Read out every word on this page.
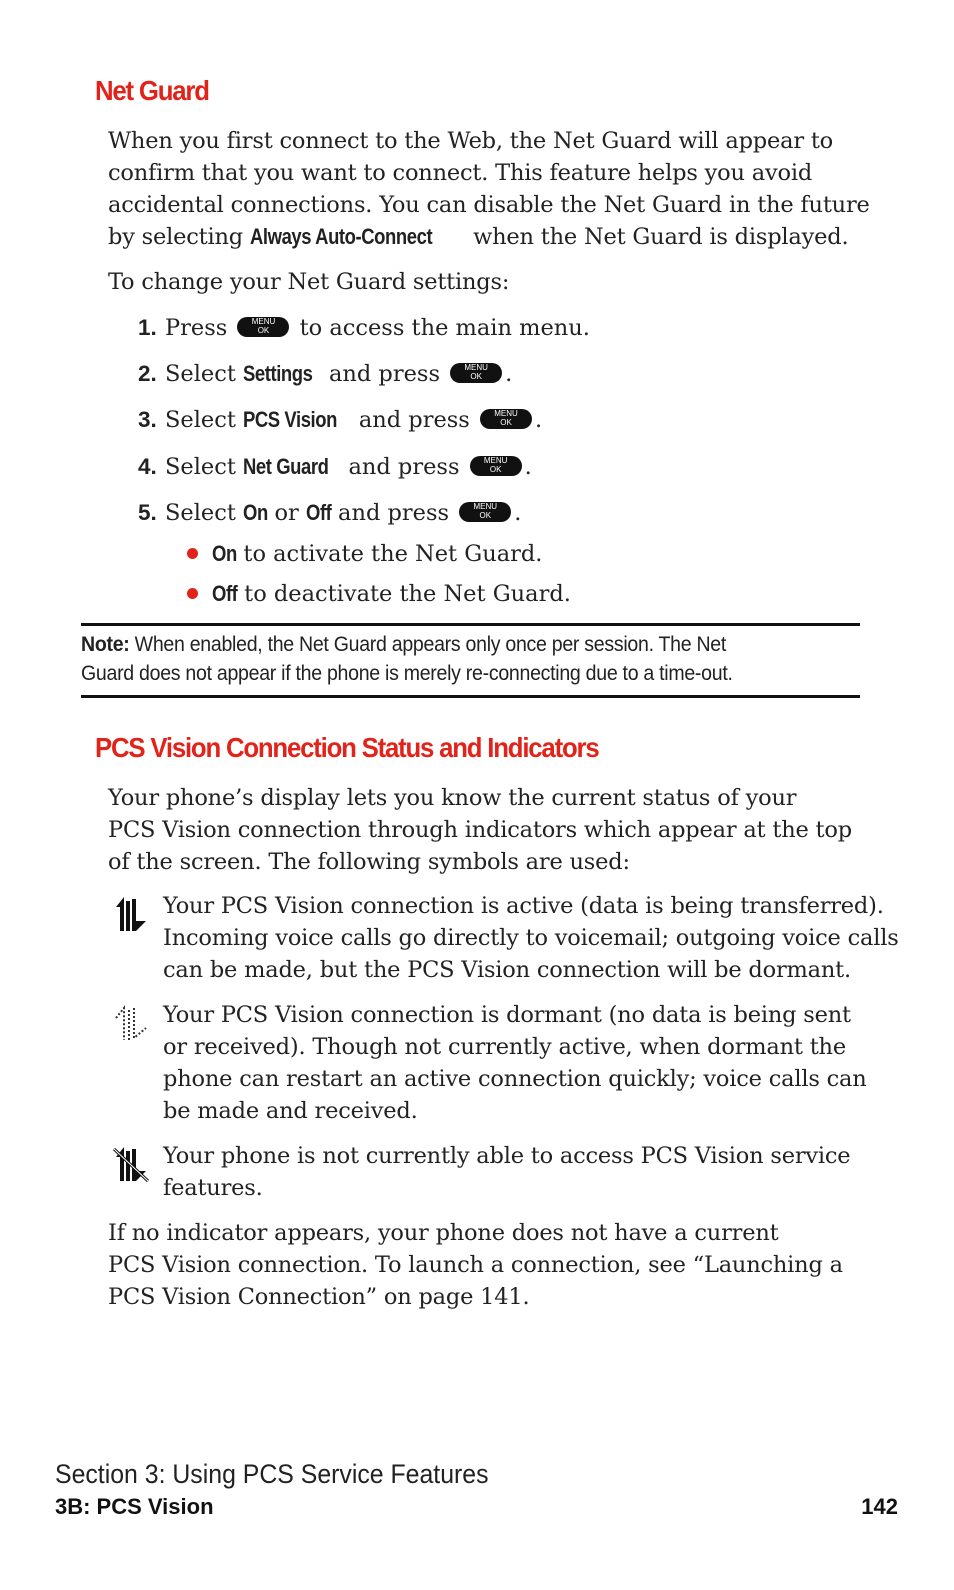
Net Guard
When you first connect to the Web, the Net Guard will appear to
confirm that you want to connect. This feature helps you avoid
accidental connections. You can disable the Net Guard in the future
by selecting Always Auto-Connect when the Net Guard is displayed.
To change your Net Guard settings:
1. Press	MENU
OK	to access the main menu.
2. Select Settings and press	MENU
OK	.
3. Select PCS Vision and press	MENU
OK	.
4. Select Net Guard and press	MENU
OK	.
5. Select On or Off and press	MENU
OK	.
On to activate the Net Guard.
Off to deactivate the Net Guard.
Note: When enabled, the Net Guard appears only once per session. The Net
Guard does not appear if the phone is merely re-connecting due to a time-out.
PCS Vision Connection Status and Indicators
Your phone’s display lets you know the current status of your
PCS Vision connection through indicators which appear at the top
of the screen. The following symbols are used:
Your PCS Vision connection is active (data is being transferred).
Incoming voice calls go directly to voicemail; outgoing voice calls
can be made, but the PCS Vision connection will be dormant.
Your PCS Vision connection is dormant (no data is being sent
or received). Though not currently active, when dormant the
phone can restart an active connection quickly; voice calls can
be made and received.
Your phone is not currently able to access PCS Vision service
features.
If no indicator appears, your phone does not have a current
PCS Vision connection. To launch a connection, see “Launching a
PCS Vision Connection” on page 141.
Section 3: Using PCS Service Features
3B: PCS Vision	142
